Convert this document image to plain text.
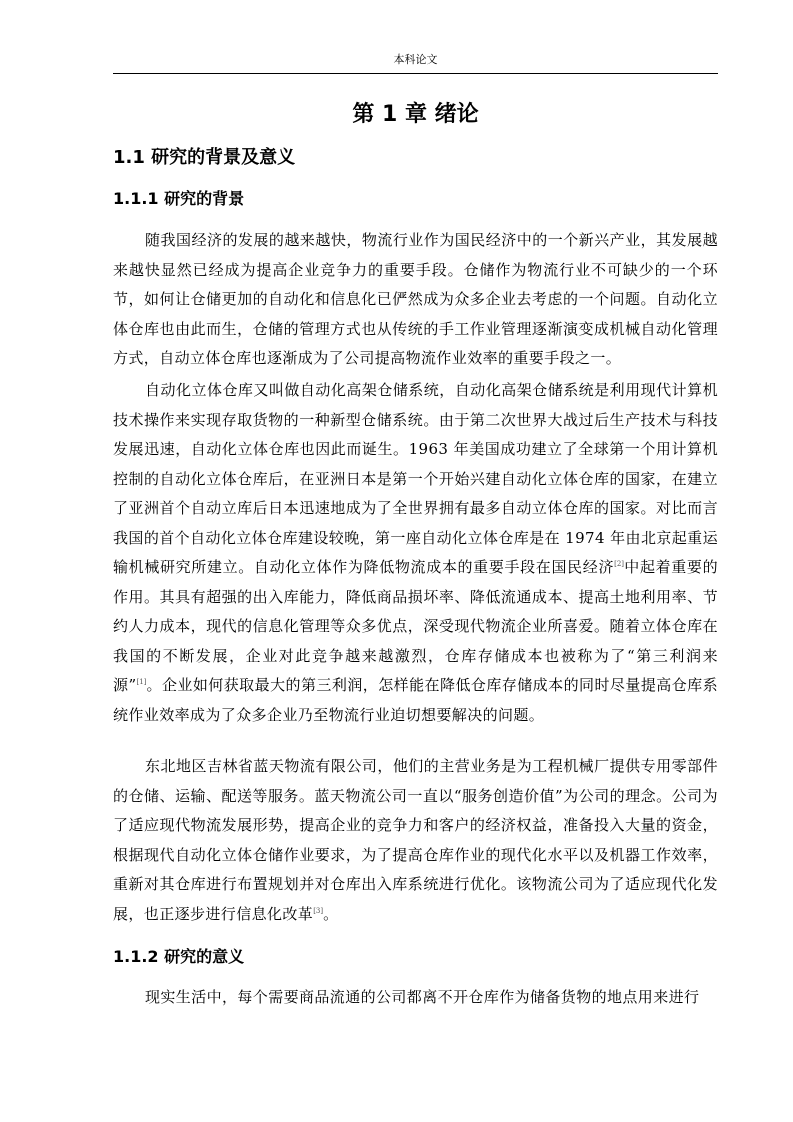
本科论文
第 1 章 绪论
1.1 研究的背景及意义
1.1.1 研究的背景

随我国经济的发展的越来越快，物流行业作为国民经济中的一个新兴产业，其发展越来越快显然已经成为提高企业竞争力的重要手段。仓储作为物流行业不可缺少的一个环节，如何让仓储更加的自动化和信息化已俨然成为众多企业去考虑的一个问题。自动化立体仓库也由此而生，仓储的管理方式也从传统的手工作业管理逐渐演变成机械自动化管理方式，自动立体仓库也逐渐成为了公司提高物流作业效率的重要手段之一。

自动化立体仓库又叫做自动化高架仓储系统，自动化高架仓储系统是利用现代计算机技术操作来实现存取货物的一种新型仓储系统。由于第二次世界大战过后生产技术与科技发展迅速，自动化立体仓库也因此而诞生。1963 年美国成功建立了全球第一个用计算机控制的自动化立体仓库后，在亚洲日本是第一个开始兴建自动化立体仓库的国家，在建立了亚洲首个自动立库后日本迅速地成为了全世界拥有最多自动立体仓库的国家。对比而言我国的首个自动化立体仓库建设较晚，第一座自动化立体仓库是在 1974 年由北京起重运输机械研究所建立。自动化立体作为降低物流成本的重要手段在国民经济[2]中起着重要的作用。其具有超强的出入库能力，降低商品损坏率、降低流通成本、提高土地利用率、节约人力成本，现代的信息化管理等众多优点，深受现代物流企业所喜爱。随着立体仓库在我国的不断发展，企业对此竞争越来越激烈，仓库存储成本也被称为了“第三利润来源”[1]。企业如何获取最大的第三利润，怎样能在降低仓库存储成本的同时尽量提高仓库系统作业效率成为了众多企业乃至物流行业迫切想要解决的问题。

东北地区吉林省蓝天物流有限公司，他们的主营业务是为工程机械厂提供专用零部件的仓储、运输、配送等服务。蓝天物流公司一直以“服务创造价值”为公司的理念。公司为了适应现代物流发展形势，提高企业的竞争力和客户的经济权益，准备投入大量的资金，根据现代自动化立体仓储作业要求，为了提高仓库作业的现代化水平以及机器工作效率，重新对其仓库进行布置规划并对仓库出入库系统进行优化。该物流公司为了适应现代化发展，也正逐步进行信息化改革[3]。

1.1.2 研究的意义

现实生活中，每个需要商品流通的公司都离不开仓库作为储备货物的地点用来进行
